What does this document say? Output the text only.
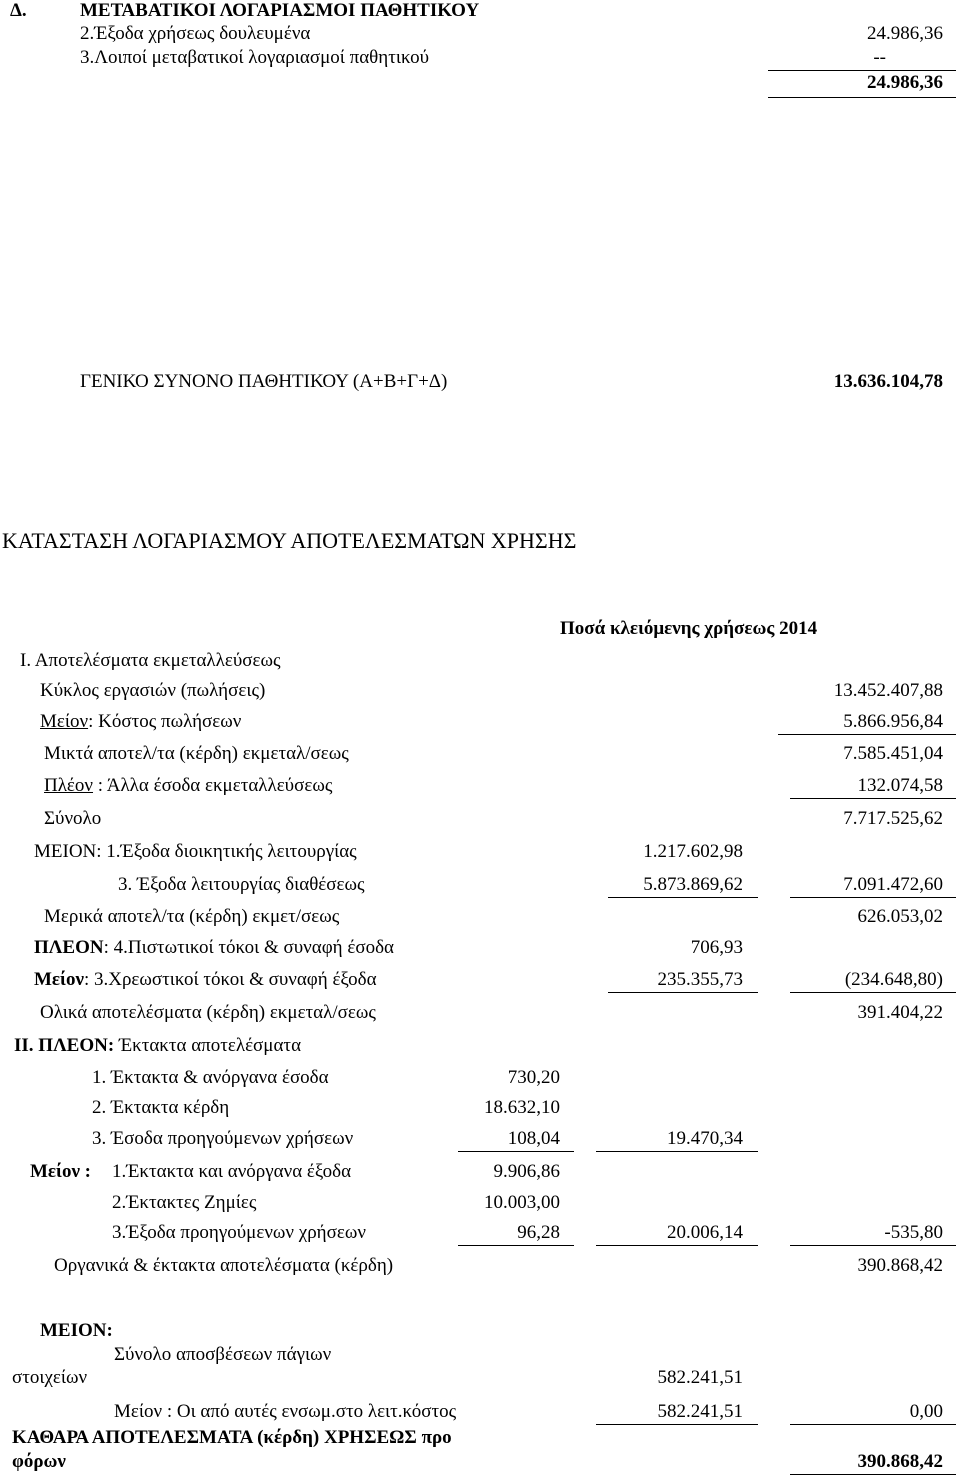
Δ.	ΜΕΤΑΒΑΤΙΚΟΙ ΛΟΓΑΡΙΑΣΜΟΙ ΠΑΘΗΤΙΚΟΥ
2.Έξοδα χρήσεως δουλευμένα	24.986,36
3.Λοιποί μεταβατικοί λογαριασμοί παθητικού	--
24.986,36
ΓΕΝΙΚΟ ΣΥΝΟΝΟ ΠΑΘΗΤΙΚΟΥ (Α+Β+Γ+Δ)	13.636.104,78
ΚΑΤΑΣΤΑΣΗ ΛΟΓΑΡΙΑΣΜΟΥ ΑΠΟΤΕΛΕΣΜΑΤΩΝ ΧΡΗΣΗΣ
Ποσά κλειόμενης χρήσεως 2014
Ι. Αποτελέσματα εκμεταλλεύσεως
Κύκλος εργασιών (πωλήσεις)	13.452.407,88
Μείον: Κόστος πωλήσεων	5.866.956,84
Μικτά αποτελ/τα (κέρδη) εκμεταλ/σεως	7.585.451,04
Πλέον : Άλλα έσοδα εκμεταλλεύσεως	132.074,58
Σύνολο	7.717.525,62
ΜΕΙΟΝ: 1.Έξοδα διοικητικής λειτουργίας	1.217.602,98
3. Έξοδα λειτουργίας διαθέσεως	5.873.869,62	7.091.472,60
Μερικά αποτελ/τα (κέρδη) εκμετ/σεως	626.053,02
ΠΛΕΟΝ: 4.Πιστωτικοί τόκοι & συναφή έσοδα	706,93
Μείον: 3.Χρεωστικοί τόκοι & συναφή έξοδα	235.355,73	(234.648,80)
Ολικά αποτελέσματα (κέρδη) εκμεταλ/σεως	391.404,22
ΙΙ. ΠΛΕΟΝ: Έκτακτα αποτελέσματα
1. Έκτακτα & ανόργανα έσοδα	730,20
2. Έκτακτα κέρδη	18.632,10
3. Έσοδα προηγούμενων χρήσεων	108,04	19.470,34
Μείον : 1.Έκτακτα και ανόργανα έξοδα	9.906,86
2.Έκτακτες Ζημίες	10.003,00
3.Έξοδα προηγούμενων χρήσεων	96,28	20.006,14	-535,80
Οργανικά & έκτακτα αποτελέσματα (κέρδη)	390.868,42
ΜΕΙΟΝ:
Σύνολο αποσβέσεων πάγιων
στοιχείων	582.241,51
Μείον : Οι από αυτές ενσωμ.στο λειτ.κόστος	582.241,51	0,00
ΚΑΘΑΡΑ ΑΠΟΤΕΛΕΣΜΑΤΑ (κέρδη) ΧΡΗΣΕΩΣ προ
φόρων	390.868,42
